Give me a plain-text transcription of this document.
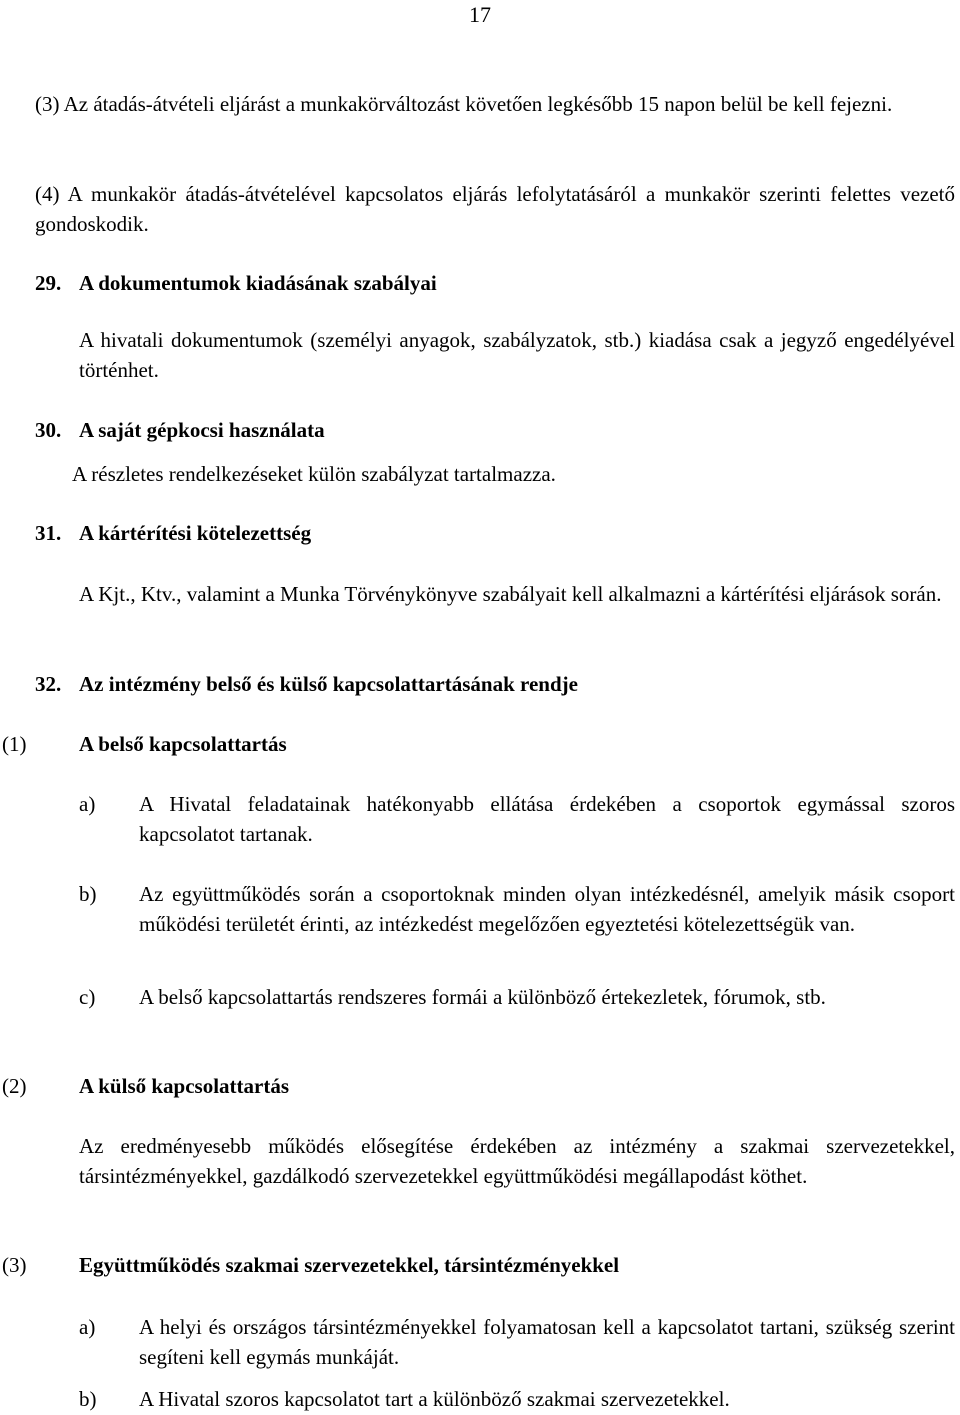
17
(3) Az átadás-átvételi eljárást a munkakörváltozást követően legkésőbb 15 napon belül be kell fejezni.
(4) A munkakör átadás-átvételével kapcsolatos eljárás lefolytatásáról a munkakör szerinti felettes vezető gondoskodik.
29. A dokumentumok kiadásának szabályai
A hivatali dokumentumok (személyi anyagok, szabályzatok, stb.) kiadása csak a jegyző engedélyével történhet.
30. A saját gépkocsi használata
A részletes rendelkezéseket külön szabályzat tartalmazza.
31. A kártérítési kötelezettség
A Kjt., Ktv., valamint a Munka Törvénykönyve szabályait kell alkalmazni a kártérítési eljárások során.
32. Az intézmény belső és külső kapcsolattartásának rendje
(1)	A belső kapcsolattartás
a)	A Hivatal feladatainak hatékonyabb ellátása érdekében a csoportok egymással szoros kapcsolatot tartanak.
b)	Az együttműködés során a csoportoknak minden olyan intézkedésnél, amelyik másik csoport működési területét érinti, az intézkedést megelőzően egyeztetési kötelezettségük van.
c)	A belső kapcsolattartás rendszeres formái a különböző értekezletek, fórumok, stb.
(2)	A külső kapcsolattartás
Az eredményesebb működés elősegítése érdekében az intézmény a szakmai szervezetekkel, társintézményekkel, gazdálkodó szervezetekkel együttműködési megállapodást köthet.
(3)	Együttműködés szakmai szervezetekkel, társintézményekkel
a)	A helyi és országos társintézményekkel folyamatosan kell a kapcsolatot tartani, szükség szerint segíteni kell egymás munkáját.
b)	A Hivatal szoros kapcsolatot tart a különböző szakmai szervezetekkel.
